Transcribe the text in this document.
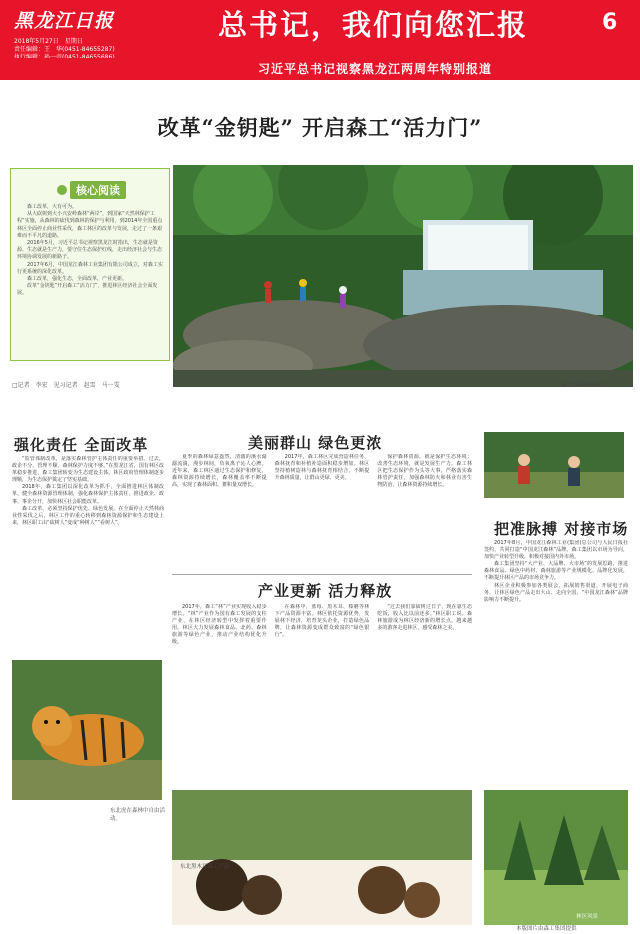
黑龙江日报
2018年5月27日　星期日
责任编辑：王　华(0451-84655287)
总书记，我们向您汇报	6
习近平总书记视察黑龙江两周年特别报道
改革“金钥匙” 开启森工“活力门”
核心阅读

森工改革，大有可为。

从大砍树到大小兴安岭森林“两岸”，到国家“天然林保护工程”实施，从森林的砍伐到森林的保护与利用，到2014年全国重点林区全面停止商业性采伐，森工林区的改革与发展，走过了一条艰难而不平凡的道路。

2016年5月，习近平总书记视察黑龙江时指出，生态就是资源、生态就是生产力，要守住生态保护红线，走出经济社会与生态环境协调发展的新路子。

2017年6月，中国龙江森林工业集团有限公司成立，对森工实行更系统的深化改革。

森工改革，强化生态，全面改革，产业更新。

改革“金钥匙”开启森工“活力门”，推进林区经济社会全面发展。

夏天的森林小风景
□记者　李宏　见习记者　赵雪　马一雯
强化责任 全面改革

“监管体制改革，是落实森林管护主体责任的重要举措。过去，政企不分，管理不顺，森林保护力度不够。”在黑龙江省，国有林区改革稳步推进，森工集团转变为生态建设主体，林区政府管理体制逐步理顺，为生态保护奠定了坚实基础。

2018年，森工集团以深化改革为抓手，全面推进林区体制改革，健全森林资源管理体制，强化森林保护主体责任，推进政企、政事、事企分开，加快林区社会职能改革。

森工改革，必须坚持保护优先、绿色发展。在全面停止天然林商业性采伐之后，林区工作的重心转移到森林资源保护和生态建设上来，林区职工由“砍树人”变成“种树人”“看树人”。

东北虎在森林中自由活动。
美丽群山 绿色更浓

夏季的森林绿意盎然，清澈的溪水潺潺流淌，漫步林间，负氧离子沁人心脾。近年来，森工林区通过生态保护和修复，森林资源持续增长，森林覆盖率不断提高，实现了森林面积、蓄积量双增长。

2017年，森工林区完成营造林任务，森林抚育和补植补造面积稳步增加。林区坚持植树造林与森林抚育相结合，不断提升森林质量，让群山更绿、更美。

保护森林资源，就是保护生态环境；改善生态环境，就是发展生产力。森工林区把生态保护作为头等大事，严格落实森林管护责任，加强森林防火和林业有害生物防治，让森林资源持续增长。

产业更新 活力释放

2017年，森工“林”产业实现收入稳步增长。“林”产业作为国有森工发展的支柱产业，在林区经济转型中发挥着重要作用。林区大力发展森林食品、北药、森林旅游等绿色产业，推动产业结构优化升级。

在森林中，蓝莓、黑木耳、榛蘑等林下产品资源丰富。林区依托资源优势，发展林下经济，培育龙头企业，打造绿色品牌，让森林资源变成群众致富的“绿色银行”。

“过去我们靠砍树过日子，现在靠生态吃饭，收入比以前还多。”林区职工说。森林旅游成为林区经济新的增长点，越来越多的游客走进林区，感受森林之美。

东北黑木耳森工产品
把准脉搏 对接市场

2017年8月，中国龙江森林工业(集团)总公司与人民日报社签约，共同打造“中国龙江森林”品牌。森工集团以市场为导向，加快产业转型升级，积极对接国内外市场。

森工集团坚持“大产业、大品牌、大市场”的发展思路，推进森林食品、绿色中药材、森林旅游等产业规模化、品牌化发展，不断提升林区产品的市场竞争力。

林区企业积极参加各类展会，拓展销售渠道，开展电子商务，让林区绿色产品走出大山、走向全国，“中国龙江森林”品牌影响力不断提升。

林区风景
本版图片由森工集团提供
